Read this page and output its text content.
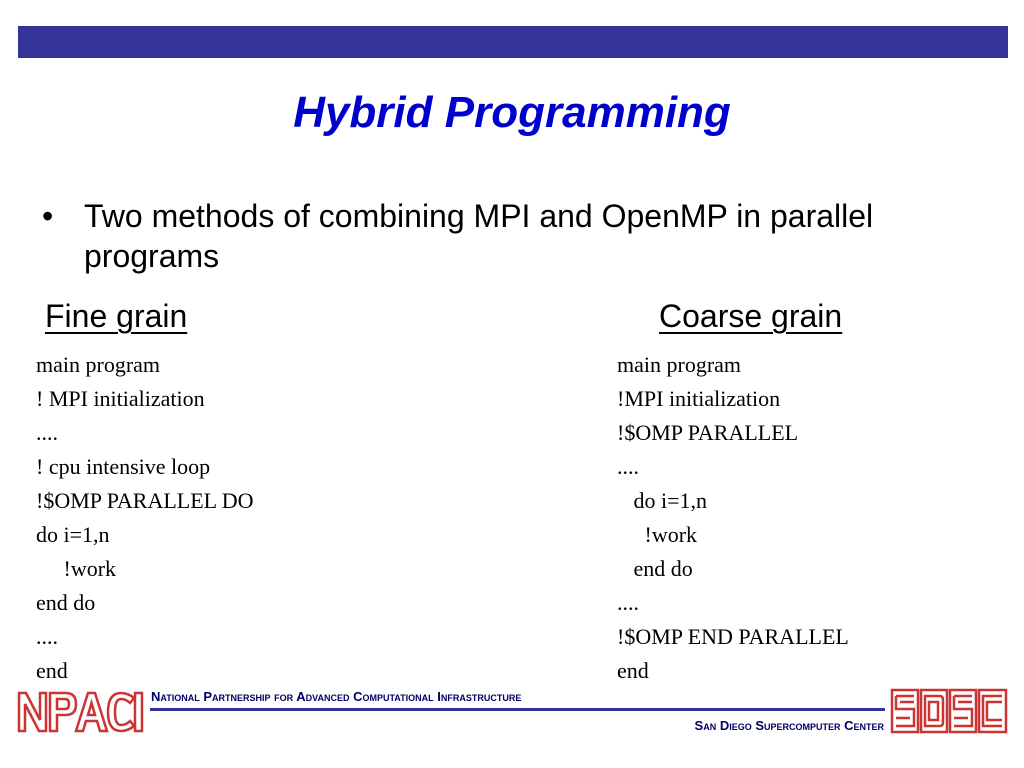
Hybrid Programming
• Two methods of combining MPI and OpenMP in parallel programs
Fine grain	Coarse grain
main program
! MPI initialization
....
! cpu intensive loop
!$OMP PARALLEL DO
do i=1,n
!work
end do
....
end
main program
!MPI initialization
!$OMP PARALLEL
....
do i=1,n
!work
end do
....
!$OMP END PARALLEL
end
National Partnership for Advanced Computational Infrastructure
San Diego Supercomputer Center
